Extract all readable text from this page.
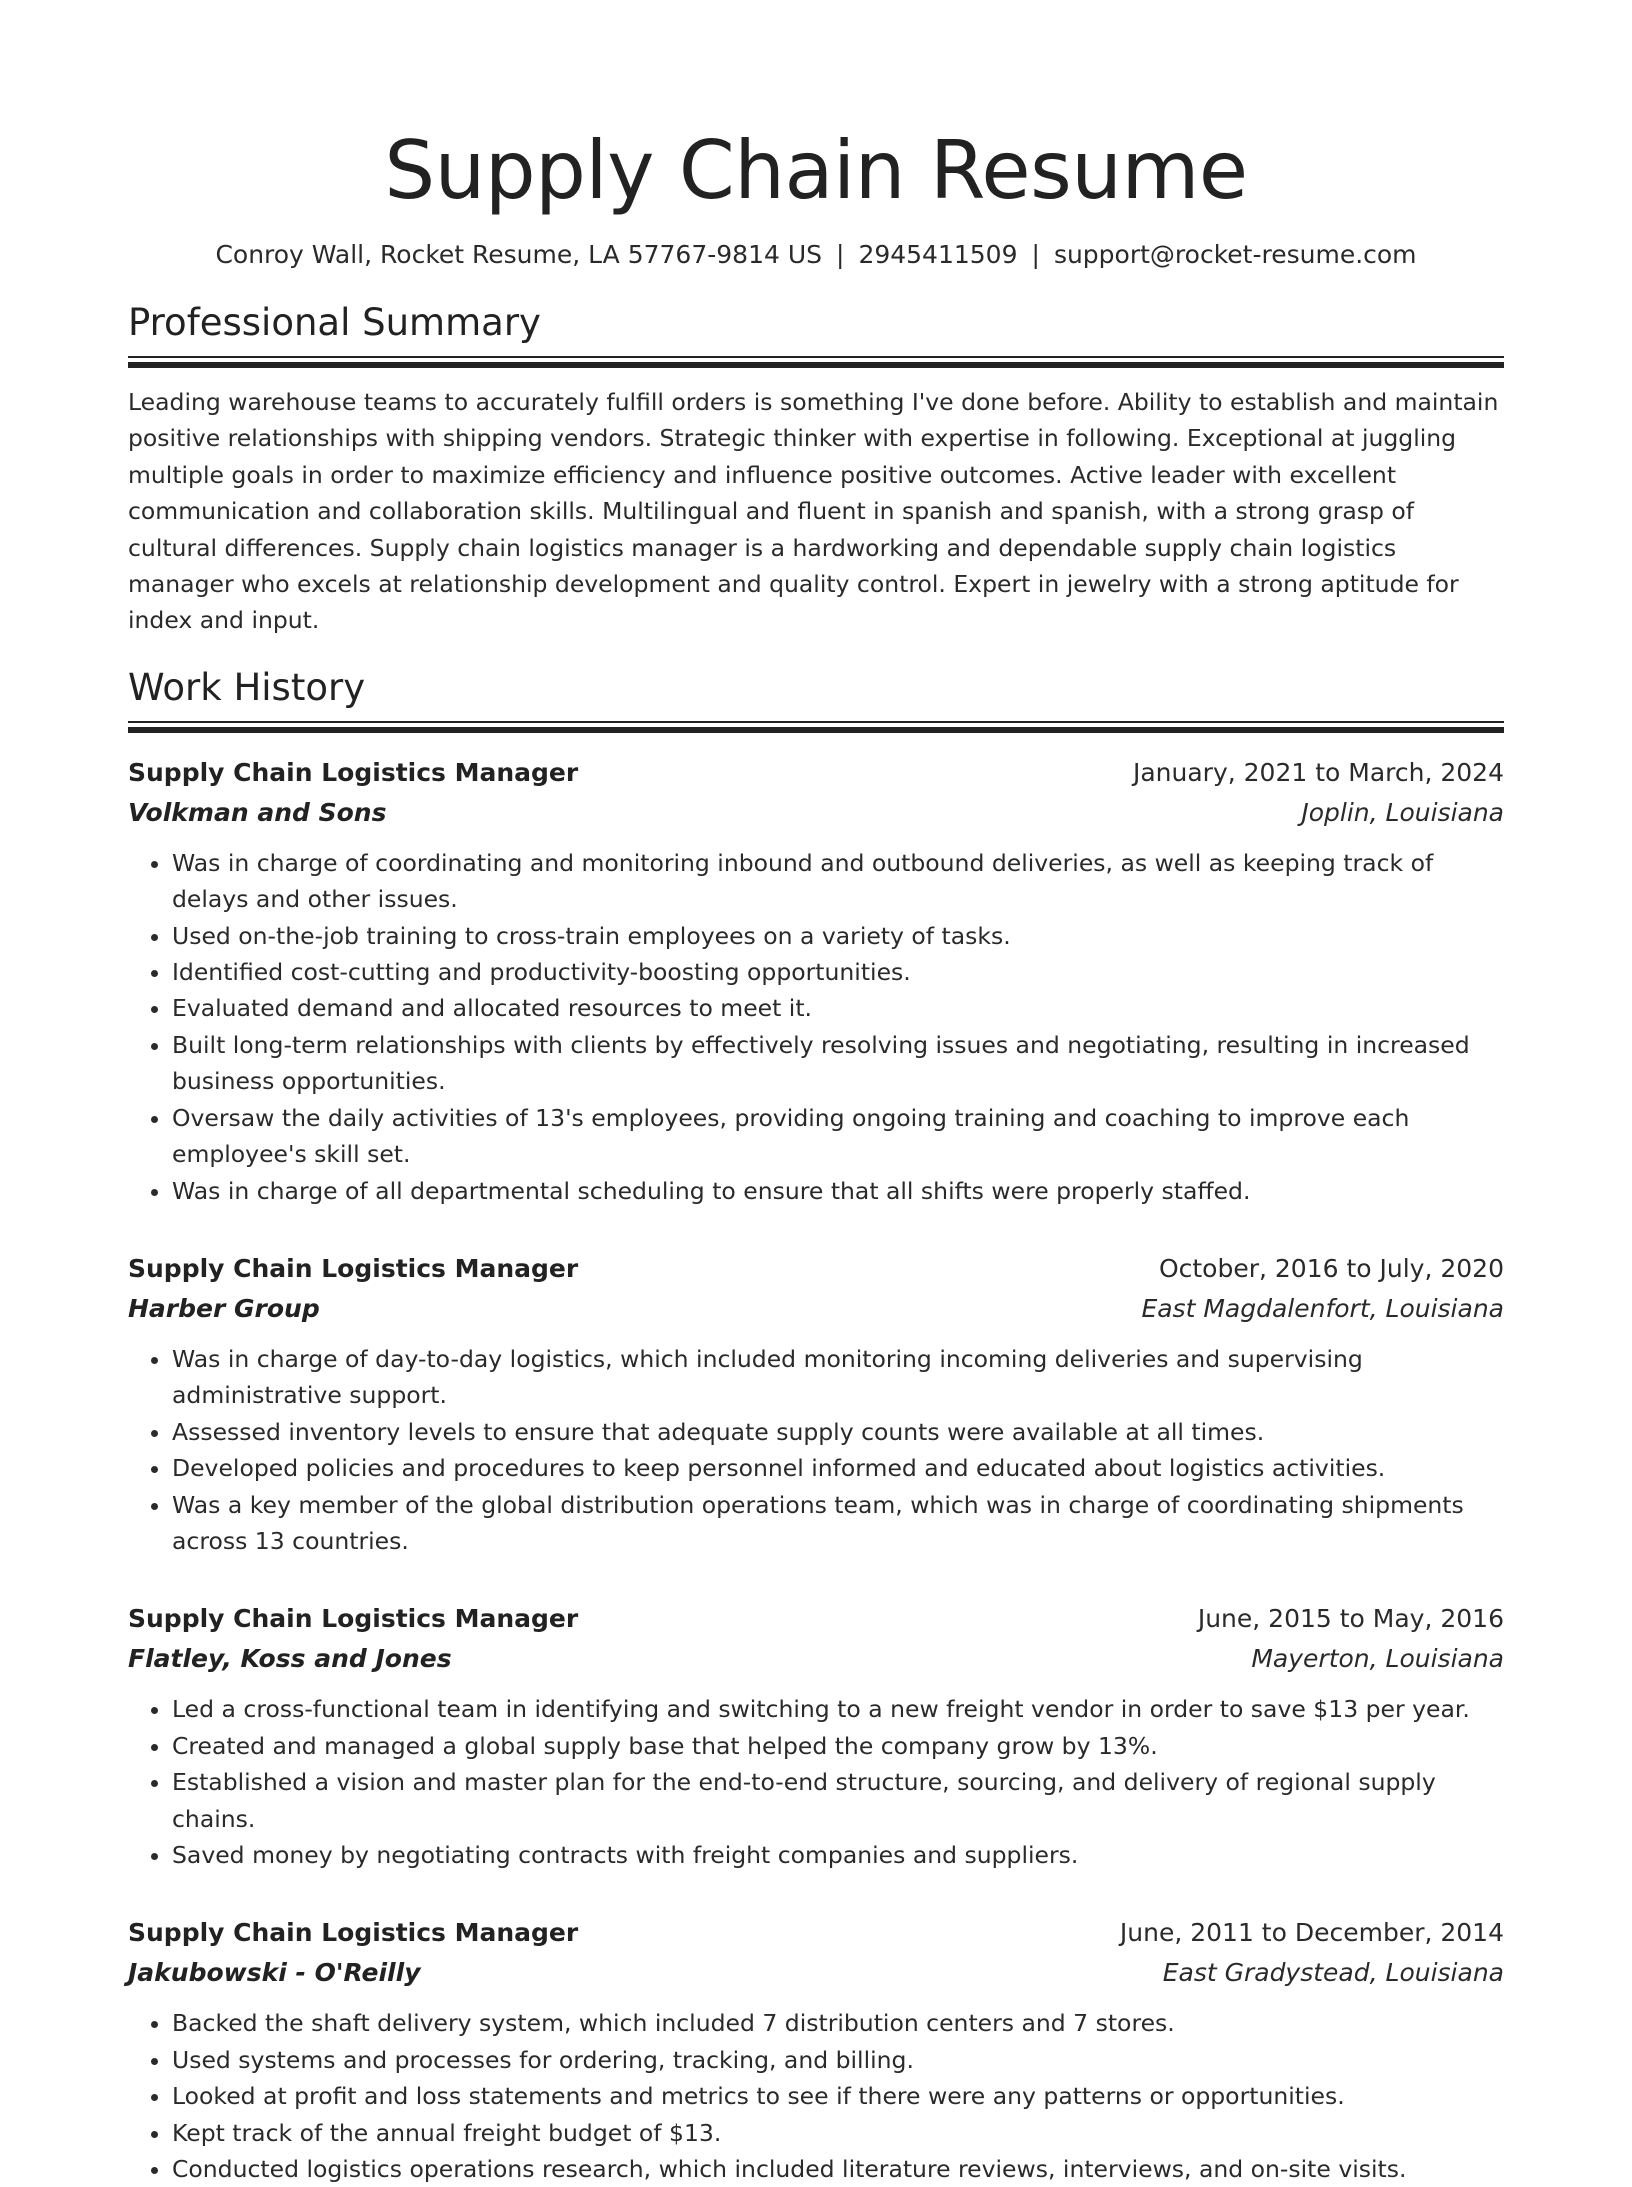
Supply Chain Resume
Conroy Wall, Rocket Resume, LA 57767-9814 US | 2945411509 | support@rocket-resume.com
Professional Summary

Leading warehouse teams to accurately fulfill orders is something I've done before. Ability to establish and maintain positive relationships with shipping vendors. Strategic thinker with expertise in following. Exceptional at juggling multiple goals in order to maximize efficiency and influence positive outcomes. Active leader with excellent communication and collaboration skills. Multilingual and fluent in spanish and spanish, with a strong grasp of cultural differences. Supply chain logistics manager is a hardworking and dependable supply chain logistics manager who excels at relationship development and quality control. Expert in jewelry with a strong aptitude for index and input.

Work History
Supply Chain Logistics Manager	January, 2021 to March, 2024
Volkman and Sons	Joplin, Louisiana
• Was in charge of coordinating and monitoring inbound and outbound deliveries, as well as keeping track of delays and other issues.
• Used on-the-job training to cross-train employees on a variety of tasks.
• Identified cost-cutting and productivity-boosting opportunities.
• Evaluated demand and allocated resources to meet it.
• Built long-term relationships with clients by effectively resolving issues and negotiating, resulting in increased business opportunities.
• Oversaw the daily activities of 13's employees, providing ongoing training and coaching to improve each employee's skill set.
• Was in charge of all departmental scheduling to ensure that all shifts were properly staffed.
Supply Chain Logistics Manager	October, 2016 to July, 2020
Harber Group	East Magdalenfort, Louisiana
• Was in charge of day-to-day logistics, which included monitoring incoming deliveries and supervising administrative support.
• Assessed inventory levels to ensure that adequate supply counts were available at all times.
• Developed policies and procedures to keep personnel informed and educated about logistics activities.
• Was a key member of the global distribution operations team, which was in charge of coordinating shipments across 13 countries.
Supply Chain Logistics Manager	June, 2015 to May, 2016
Flatley, Koss and Jones	Mayerton, Louisiana
• Led a cross-functional team in identifying and switching to a new freight vendor in order to save $13 per year.
• Created and managed a global supply base that helped the company grow by 13%.
• Established a vision and master plan for the end-to-end structure, sourcing, and delivery of regional supply chains.
• Saved money by negotiating contracts with freight companies and suppliers.
Supply Chain Logistics Manager	June, 2011 to December, 2014
Jakubowski - O'Reilly	East Gradystead, Louisiana
• Backed the shaft delivery system, which included 7 distribution centers and 7 stores.
• Used systems and processes for ordering, tracking, and billing.
• Looked at profit and loss statements and metrics to see if there were any patterns or opportunities.
• Kept track of the annual freight budget of $13.
• Conducted logistics operations research, which included literature reviews, interviews, and on-site visits.
